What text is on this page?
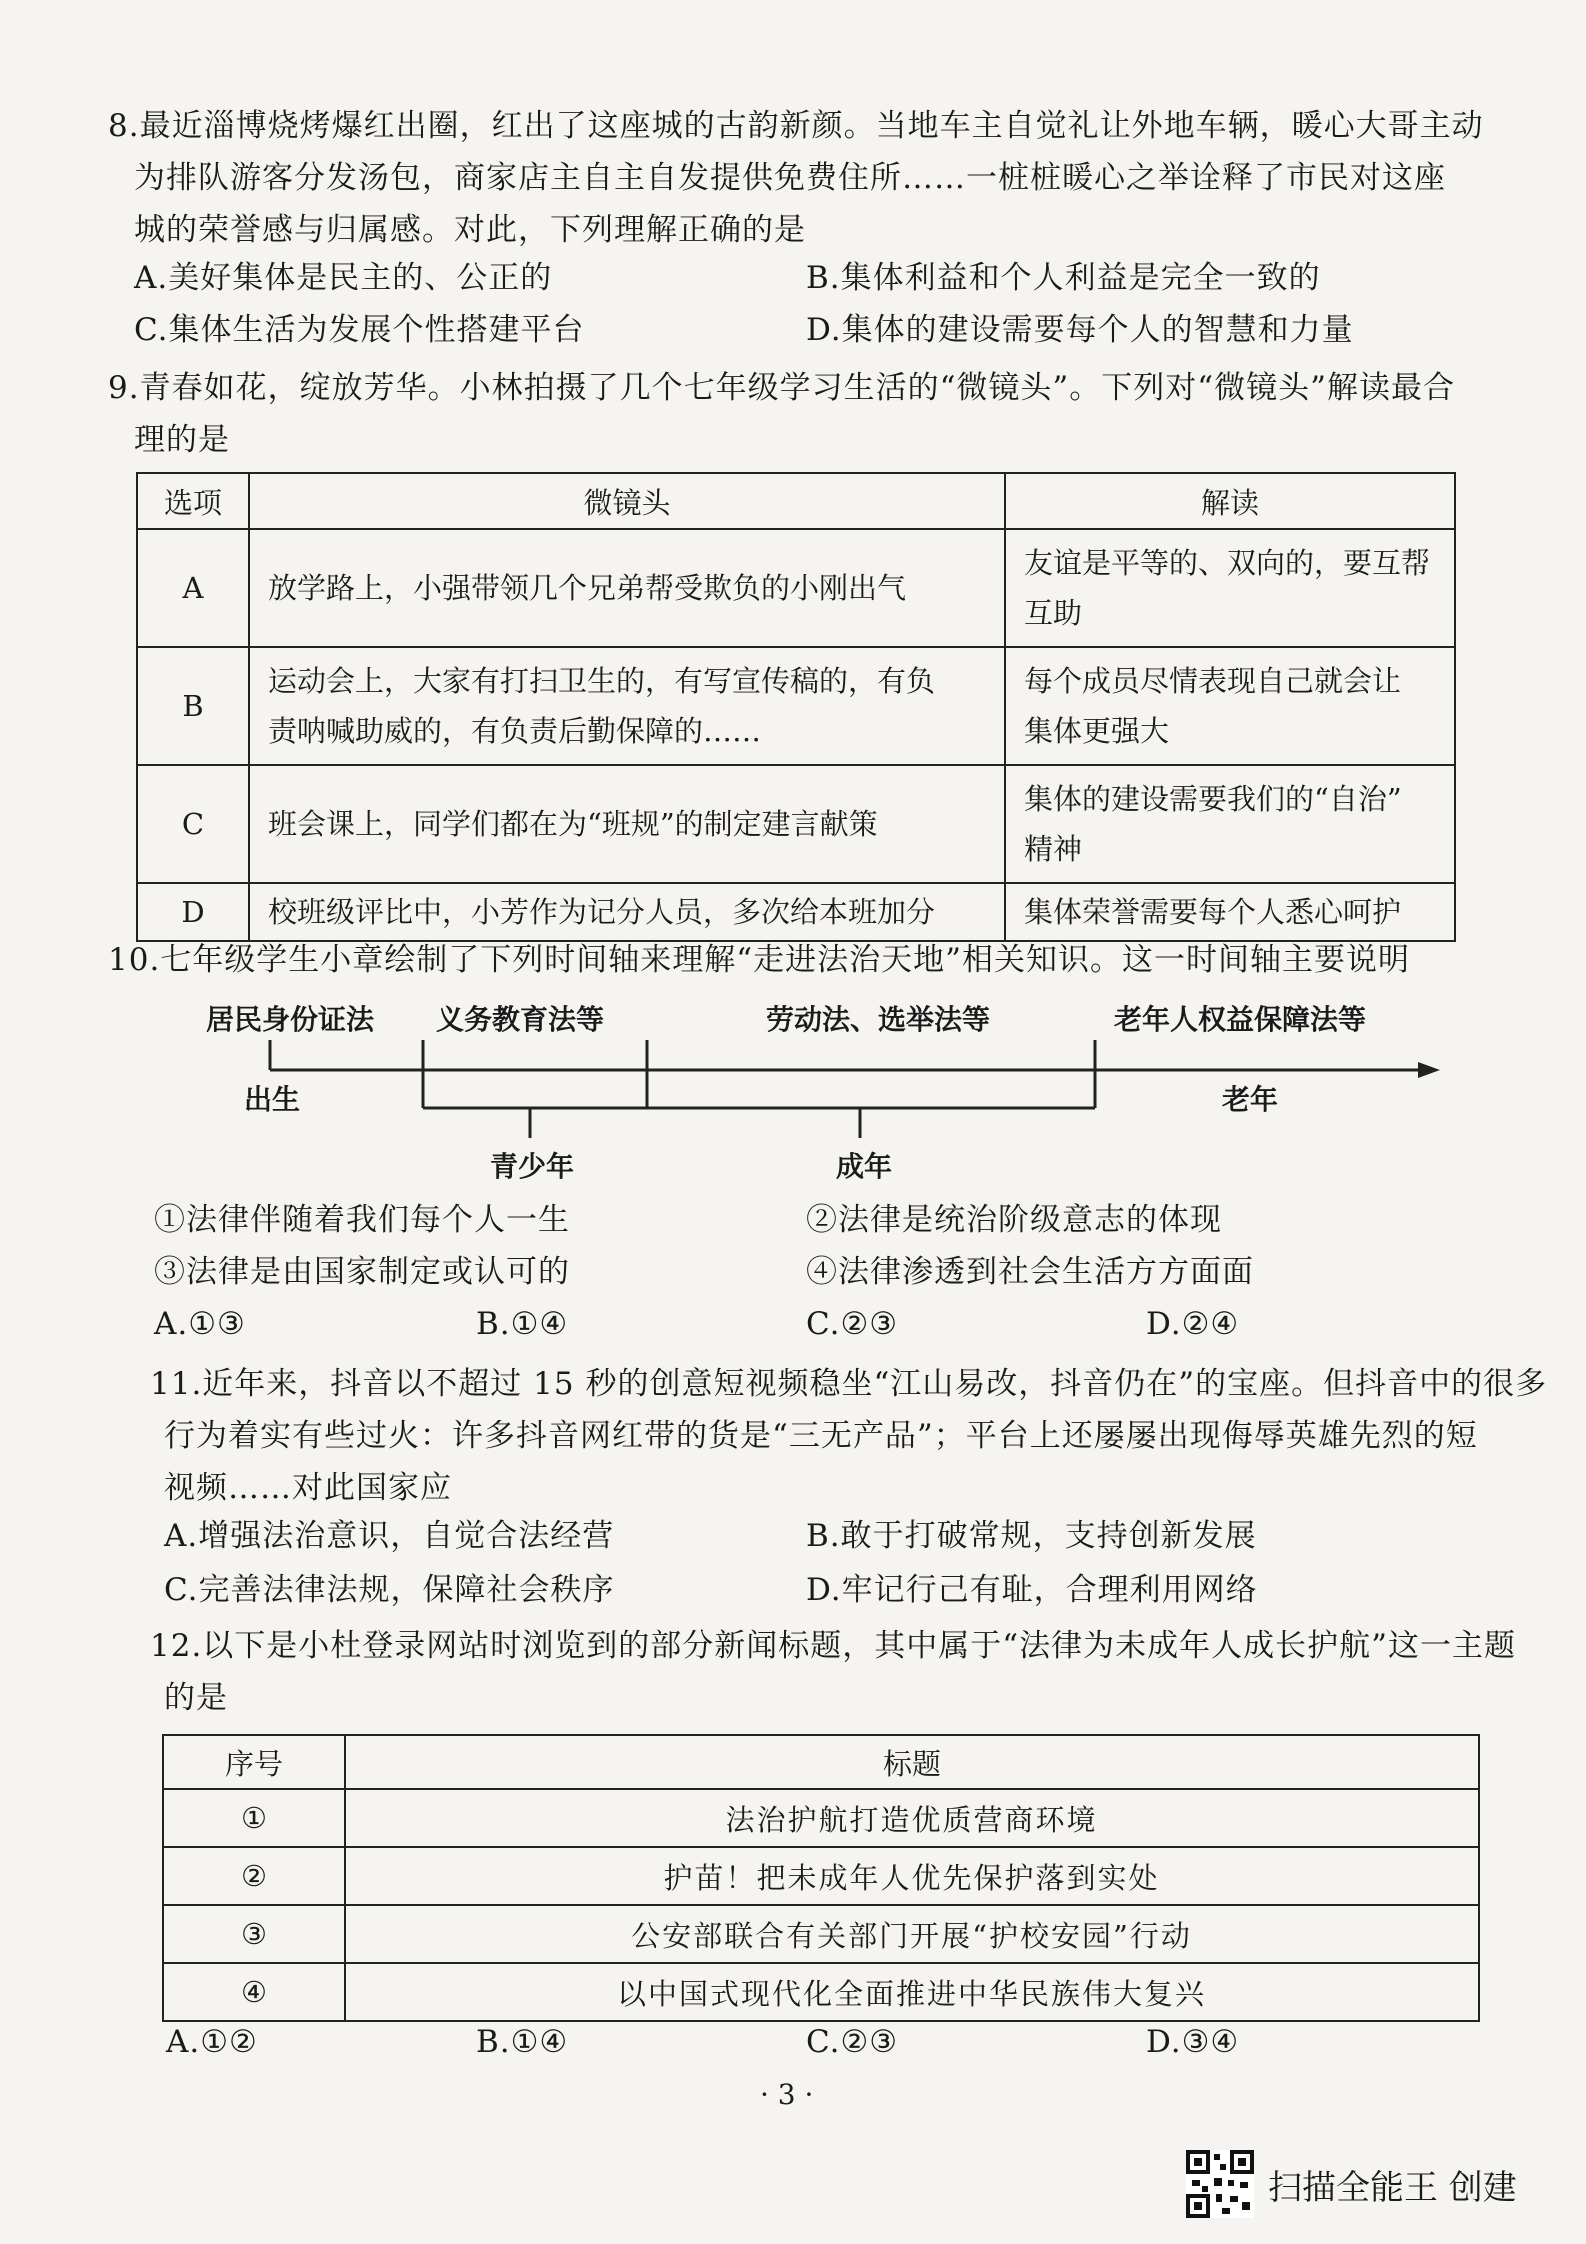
8.最近淄博烧烤爆红出圈，红出了这座城的古韵新颜。当地车主自觉礼让外地车辆，暖心大哥主动
为排队游客分发汤包，商家店主自主自发提供免费住所……一桩桩暖心之举诠释了市民对这座
城的荣誉感与归属感。对此，下列理解正确的是
A.美好集体是民主的、公正的	B.集体利益和个人利益是完全一致的
C.集体生活为发展个性搭建平台	D.集体的建设需要每个人的智慧和力量
9.青春如花，绽放芳华。小林拍摄了几个七年级学习生活的“微镜头”。下列对“微镜头”解读最合
理的是
选项	微镜头	解读
A	放学路上，小强带领几个兄弟帮受欺负的小刚出气	友谊是平等的、双向的，要互帮
互助
B	运动会上，大家有打扫卫生的，有写宣传稿的，有负
责呐喊助威的，有负责后勤保障的……	每个成员尽情表现自己就会让
集体更强大
C	班会课上，同学们都在为“班规”的制定建言献策	集体的建设需要我们的“自治”
精神
D	校班级评比中，小芳作为记分人员，多次给本班加分	集体荣誉需要每个人悉心呵护
10.七年级学生小章绘制了下列时间轴来理解“走进法治天地”相关知识。这一时间轴主要说明
居民身份证法 义务教育法等	劳动法、选举法等	老年人权益保障法等
出生	老年
青少年	成年
①法律伴随着我们每个人一生	②法律是统治阶级意志的体现
③法律是由国家制定或认可的	④法律渗透到社会生活方方面面
A.①③	B.①④	C.②③	D.②④
11.近年来，抖音以不超过 15 秒的创意短视频稳坐“江山易改，抖音仍在”的宝座。但抖音中的很多
行为着实有些过火：许多抖音网红带的货是“三无产品”；平台上还屡屡出现侮辱英雄先烈的短
视频……对此国家应
A.增强法治意识，自觉合法经营	B.敢于打破常规，支持创新发展
C.完善法律法规，保障社会秩序	D.牢记行己有耻，合理利用网络
12.以下是小杜登录网站时浏览到的部分新闻标题，其中属于“法律为未成年人成长护航”这一主题
的是
序号	标题
①	法治护航打造优质营商环境
②	护苗！把未成年人优先保护落到实处
③	公安部联合有关部门开展“护校安园”行动
④	以中国式现代化全面推进中华民族伟大复兴
A.①②	B.①④	C.②③	D.③④
· 3 ·
扫描全能王 创建
